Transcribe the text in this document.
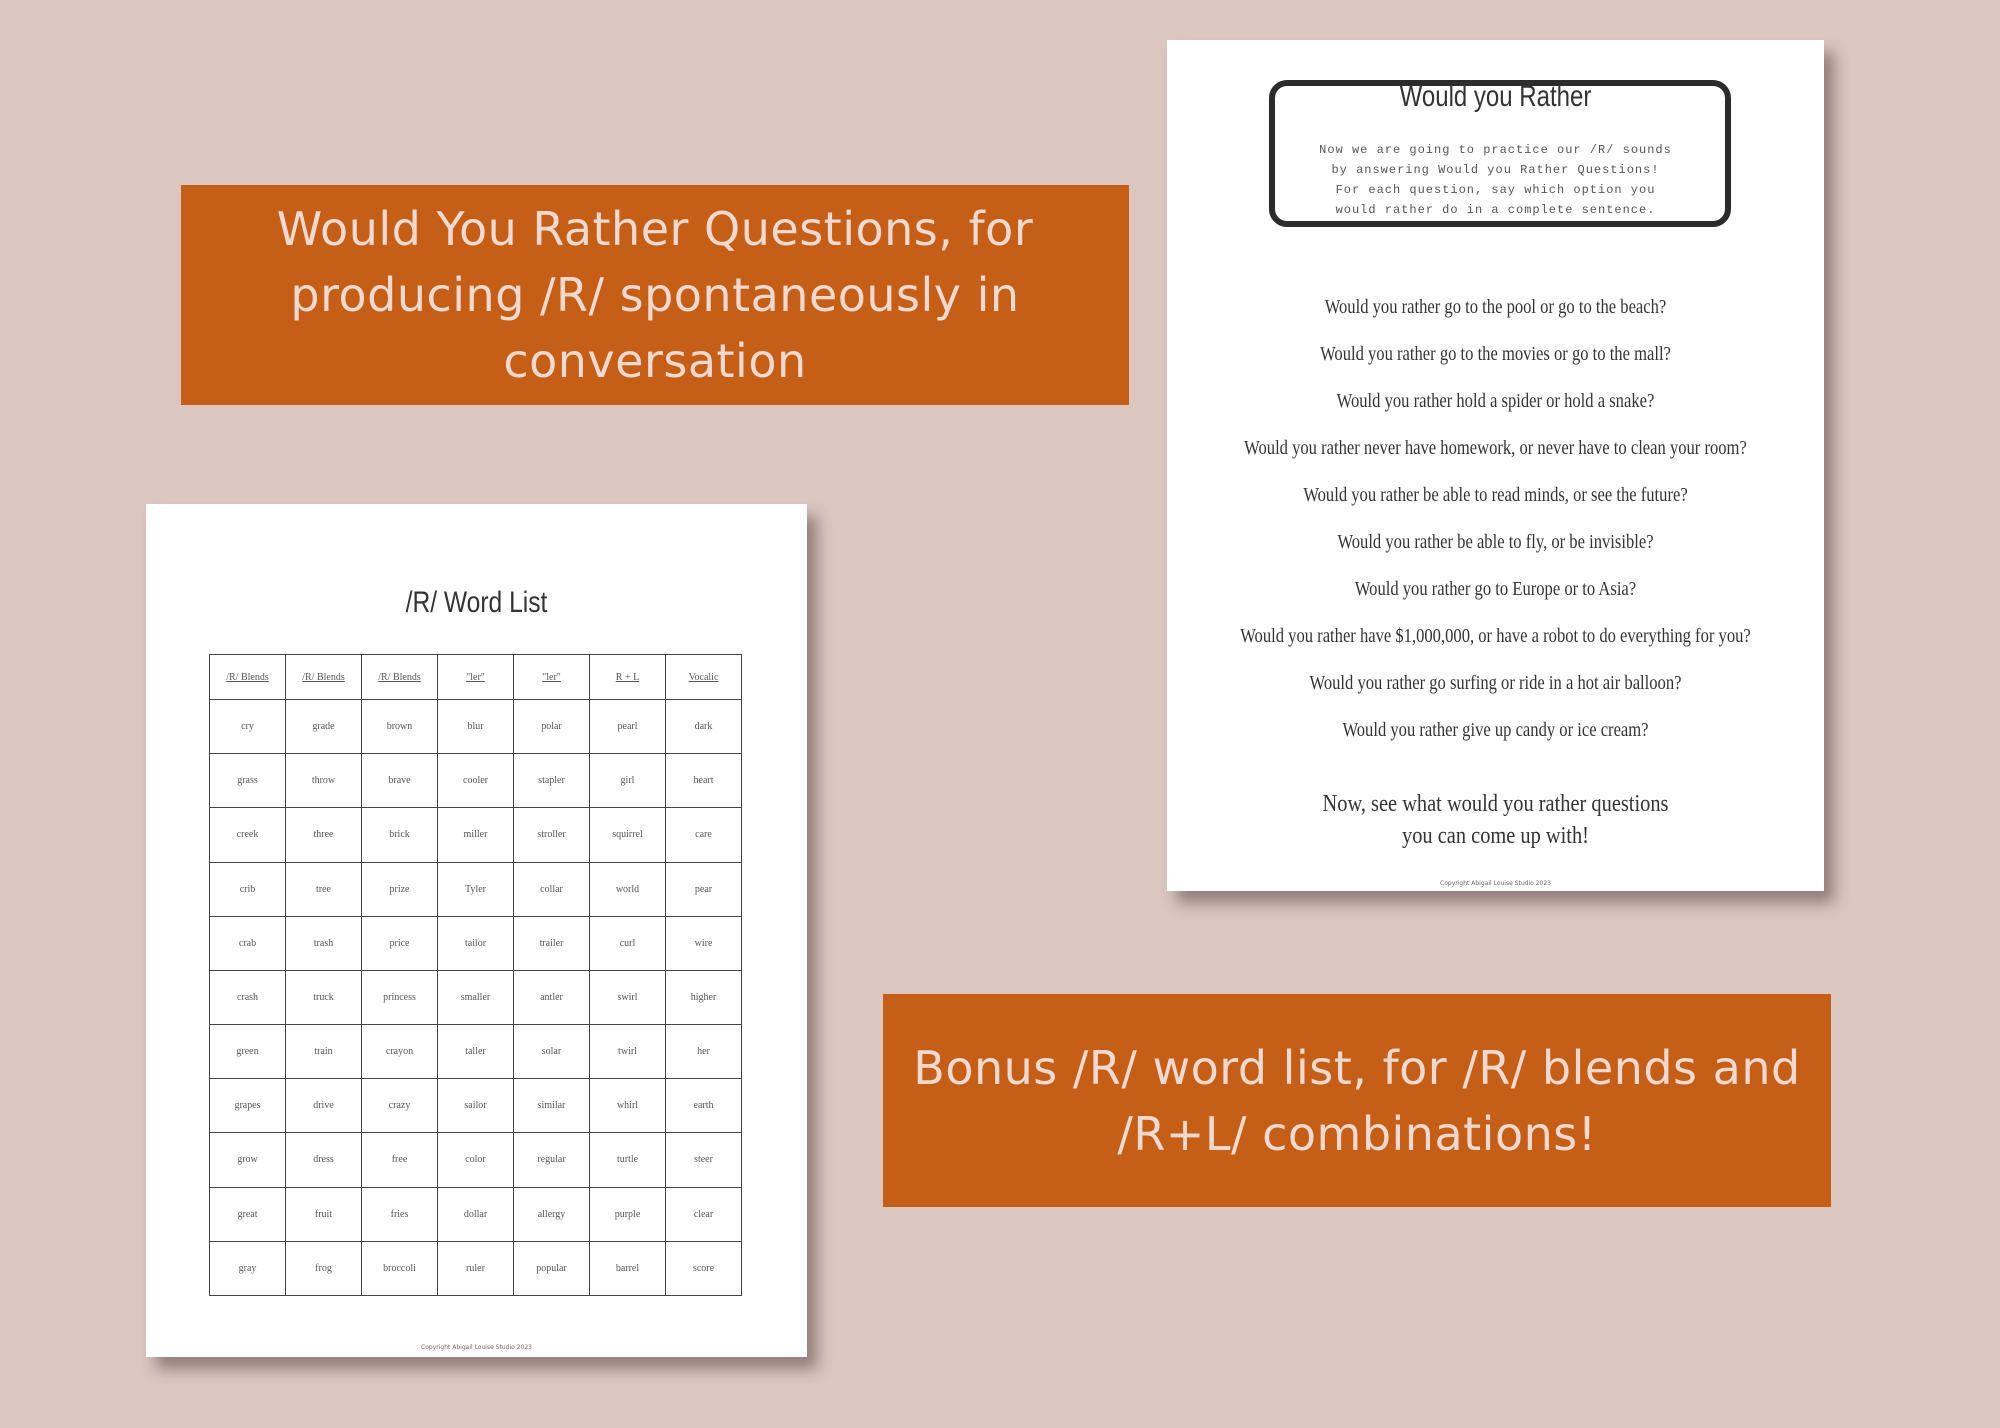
Would You Rather Questions, for producing /R/ spontaneously in conversation
Bonus /R/ word list, for /R/ blends and /R+L/ combinations!
/R/ Word List
/R/ Blends	/R/ Blends	/R/ Blends	"ler"	"ler"	R + L	Vocalic
cry	grade	brown	blur	polar	pearl	dark
grass	throw	brave	cooler	stapler	girl	heart
creek	three	brick	miller	stroller	squirrel	care
crib	tree	prize	Tyler	collar	world	pear
crab	trash	price	tailor	trailer	curl	wire
crash	truck	princess	smaller	antler	swirl	higher
green	train	crayon	taller	solar	twirl	her
grapes	drive	crazy	sailor	similar	whirl	earth
grow	dress	free	color	regular	turtle	steer
great	fruit	fries	dollar	allergy	purple	clear
gray	frog	broccoli	ruler	popular	barrel	score
Copyright Abigail Louise Studio 2023
Would you Rather
Now we are going to practice our /R/ sounds
by answering Would you Rather Questions!
For each question, say which option you
would rather do in a complete sentence.
Would you rather go to the pool or go to the beach?
Would you rather go to the movies or go to the mall?
Would you rather hold a spider or hold a snake?
Would you rather never have homework, or never have to clean your room?
Would you rather be able to read minds, or see the future?
Would you rather be able to fly, or be invisible?
Would you rather go to Europe or to Asia?
Would you rather have $1,000,000, or have a robot to do everything for you?
Would you rather go surfing or ride in a hot air balloon?
Would you rather give up candy or ice cream?
Now, see what would you rather questions
you can come up with!
Copyright Abigail Louise Studio 2023
